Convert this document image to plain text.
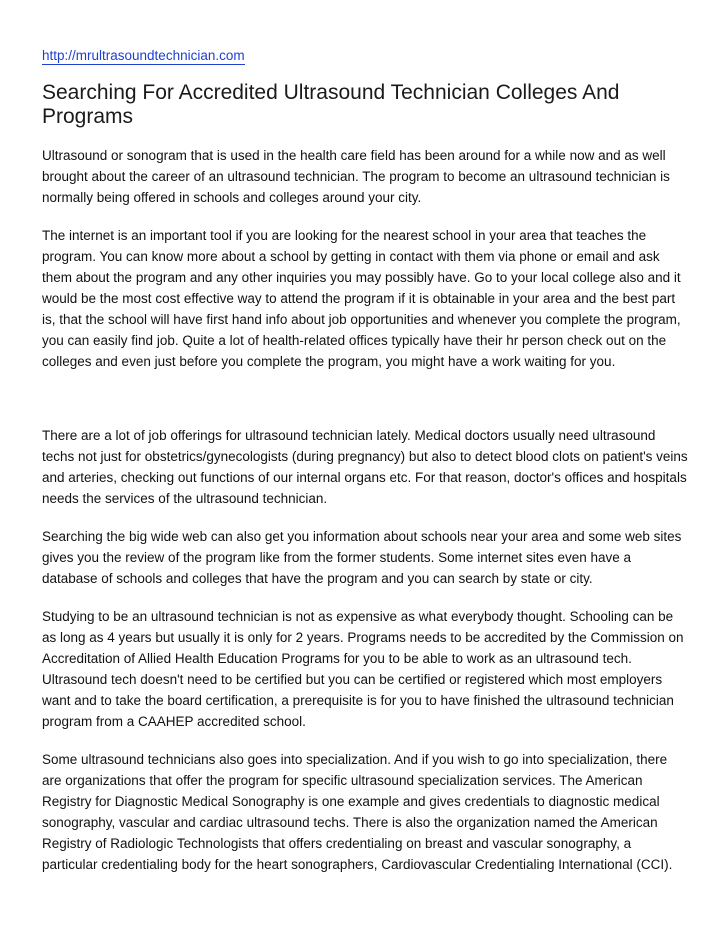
http://mrultrasoundtechnician.com
Searching For Accredited Ultrasound Technician Colleges And Programs

Ultrasound or sonogram that is used in the health care field has been around for a while now and as well brought about the career of an ultrasound technician. The program to become an ultrasound technician is normally being offered in schools and colleges around your city.

The internet is an important tool if you are looking for the nearest school in your area that teaches the program. You can know more about a school by getting in contact with them via phone or email and ask them about the program and any other inquiries you may possibly have. Go to your local college also and it would be the most cost effective way to attend the program if it is obtainable in your area and the best part is, that the school will have first hand info about job opportunities and whenever you complete the program, you can easily find job. Quite a lot of health-related offices typically have their hr person check out on the colleges and even just before you complete the program, you might have a work waiting for you.

There are a lot of job offerings for ultrasound technician lately. Medical doctors usually need ultrasound techs not just for obstetrics/gynecologists (during pregnancy) but also to detect blood clots on patient's veins and arteries, checking out functions of our internal organs etc. For that reason, doctor's offices and hospitals needs the services of the ultrasound technician.

Searching the big wide web can also get you information about schools near your area and some web sites gives you the review of the program like from the former students. Some internet sites even have a database of schools and colleges that have the program and you can search by state or city.

Studying to be an ultrasound technician is not as expensive as what everybody thought. Schooling can be as long as 4 years but usually it is only for 2 years. Programs needs to be accredited by the Commission on Accreditation of Allied Health Education Programs for you to be able to work as an ultrasound tech. Ultrasound tech doesn't need to be certified but you can be certified or registered which most employers want and to take the board certification, a prerequisite is for you to have finished the ultrasound technician program from a CAAHEP accredited school.

Some ultrasound technicians also goes into specialization. And if you wish to go into specialization, there are organizations that offer the program for specific ultrasound specialization services. The American Registry for Diagnostic Medical Sonography is one example and gives credentials to diagnostic medical sonography, vascular and cardiac ultrasound techs. There is also the organization named the American Registry of Radiologic Technologists that offers credentialing on breast and vascular sonography, a particular credentialing body for the heart sonographers, Cardiovascular Credentialing International (CCI).
